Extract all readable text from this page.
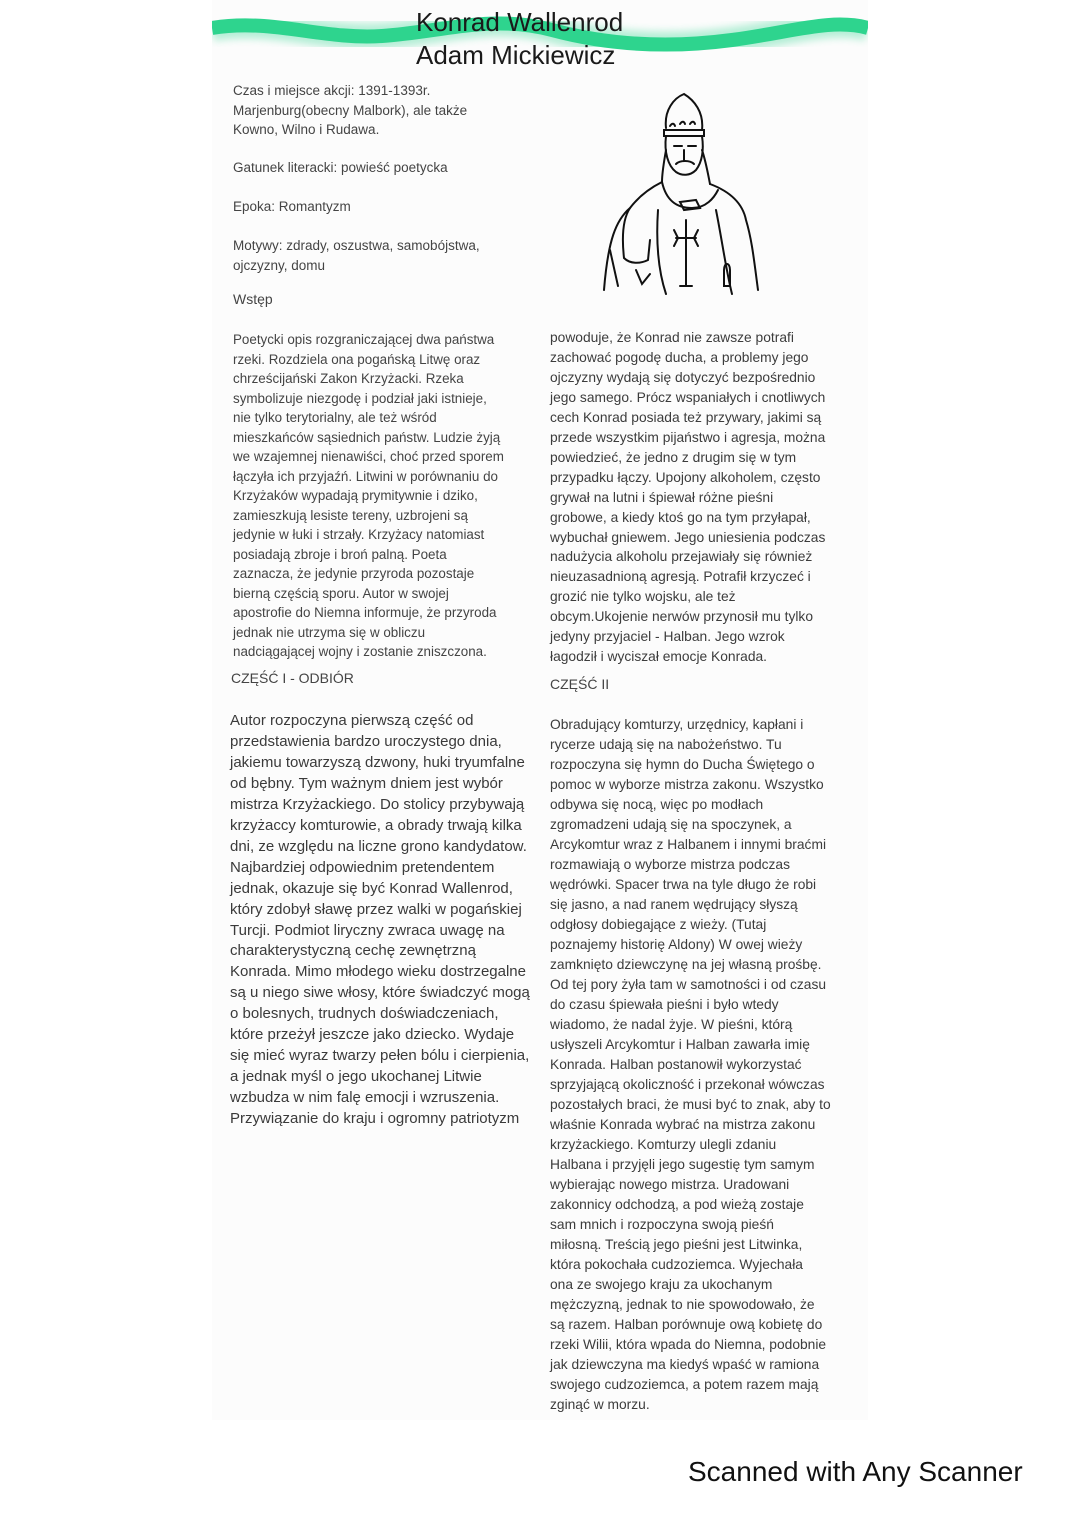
Konrad Wallenrod
Adam Mickiewicz
Czas i miejsce akcji: 1391-1393r.
Marjenburg(obecny Malbork), ale także
Kowno, Wilno i Rudawa.
Gatunek literacki: powieść poetycka
Epoka: Romantyzm
Motywy: zdrady, oszustwa, samobójstwa,
ojczyzny, domu
Wstęp
Poetycki opis rozgraniczającej dwa państwa
rzeki. Rozdziela ona pogańską Litwę oraz
chrześcijański Zakon Krzyżacki. Rzeka
symbolizuje niezgodę i podział jaki istnieje,
nie tylko terytorialny, ale też wśród
mieszkańców sąsiednich państw. Ludzie żyją
we wzajemnej nienawiści, choć przed sporem
łączyła ich przyjaźń. Litwini w porównaniu do
Krzyżaków wypadają prymitywnie i dziko,
zamieszkują lesiste tereny, uzbrojeni są
jedynie w łuki i strzały. Krzyżacy natomiast
posiadają zbroje i broń palną. Poeta
zaznacza, że jedynie przyroda pozostaje
bierną częścią sporu. Autor w swojej
apostrofie do Niemna informuje, że przyroda
jednak nie utrzyma się w obliczu
nadciągającej wojny i zostanie zniszczona.
CZĘŚĆ I - ODBIÓR
Autor rozpoczyna pierwszą część od
przedstawienia bardzo uroczystego dnia,
jakiemu towarzyszą dzwony, huki tryumfalne
od bębny. Tym ważnym dniem jest wybór
mistrza Krzyżackiego. Do stolicy przybywają
krzyżaccy komturowie, a obrady trwają kilka
dni, ze względu na liczne grono kandydatow.
Najbardziej odpowiednim pretendentem
jednak, okazuje się być Konrad Wallenrod,
który zdobył sławę przez walki w pogańskiej
Turcji. Podmiot liryczny zwraca uwagę na
charakterystyczną cechę zewnętrzną
Konrada. Mimo młodego wieku dostrzegalne
są u niego siwe włosy, które świadczyć mogą
o bolesnych, trudnych doświadczeniach,
które przeżył jeszcze jako dziecko. Wydaje
się mieć wyraz twarzy pełen bólu i cierpienia,
a jednak myśl o jego ukochanej Litwie
wzbudza w nim falę emocji i wzruszenia.
Przywiązanie do kraju i ogromny patriotyzm
powoduje, że Konrad nie zawsze potrafi
zachować pogodę ducha, a problemy jego
ojczyzny wydają się dotyczyć bezpośrednio
jego samego. Prócz wspaniałych i cnotliwych
cech Konrad posiada też przywary, jakimi są
przede wszystkim pijaństwo i agresja, można
powiedzieć, że jedno z drugim się w tym
przypadku łączy. Upojony alkoholem, często
grywał na lutni i śpiewał różne pieśni
grobowe, a kiedy ktoś go na tym przyłapał,
wybuchał gniewem. Jego uniesienia podczas
nadużycia alkoholu przejawiały się również
nieuzasadnioną agresją. Potrafił krzyczeć i
grozić nie tylko wojsku, ale też
obcym.Ukojenie nerwów przynosił mu tylko
jedyny przyjaciel - Halban. Jego wzrok
łagodził i wyciszał emocje Konrada.
CZĘŚĆ II
Obradujący komturzy, urzędnicy, kapłani i
rycerze udają się na nabożeństwo. Tu
rozpoczyna się hymn do Ducha Świętego o
pomoc w wyborze mistrza zakonu. Wszystko
odbywa się nocą, więc po modłach
zgromadzeni udają się na spoczynek, a
Arcykomtur wraz z Halbanem i innymi braćmi
rozmawiają o wyborze mistrza podczas
wędrówki. Spacer trwa na tyle długo że robi
się jasno, a nad ranem wędrujący słyszą
odgłosy dobiegające z wieży. (Tutaj
poznajemy historię Aldony) W owej wieży
zamknięto dziewczynę na jej własną prośbę.
Od tej pory żyła tam w samotności i od czasu
do czasu śpiewała pieśni i było wtedy
wiadomo, że nadal żyje. W pieśni, którą
usłyszeli Arcykomtur i Halban zawarła imię
Konrada. Halban postanowił wykorzystać
sprzyjającą okoliczność i przekonał wówczas
pozostałych braci, że musi być to znak, aby to
właśnie Konrada wybrać na mistrza zakonu
krzyżackiego. Komturzy ulegli zdaniu
Halbana i przyjęli jego sugestię tym samym
wybierając nowego mistrza. Uradowani
zakonnicy odchodzą, a pod wieżą zostaje
sam mnich i rozpoczyna swoją pieśń
miłosną. Treścią jego pieśni jest Litwinka,
która pokochała cudzoziemca. Wyjechała
ona ze swojego kraju za ukochanym
mężczyzną, jednak to nie spowodowało, że
są razem. Halban porównuje ową kobietę do
rzeki Wilii, która wpada do Niemna, podobnie
jak dziewczyna ma kiedyś wpaść w ramiona
swojego cudzoziemca, a potem razem mają
zginąć w morzu.
Scanned with Any Scanner
